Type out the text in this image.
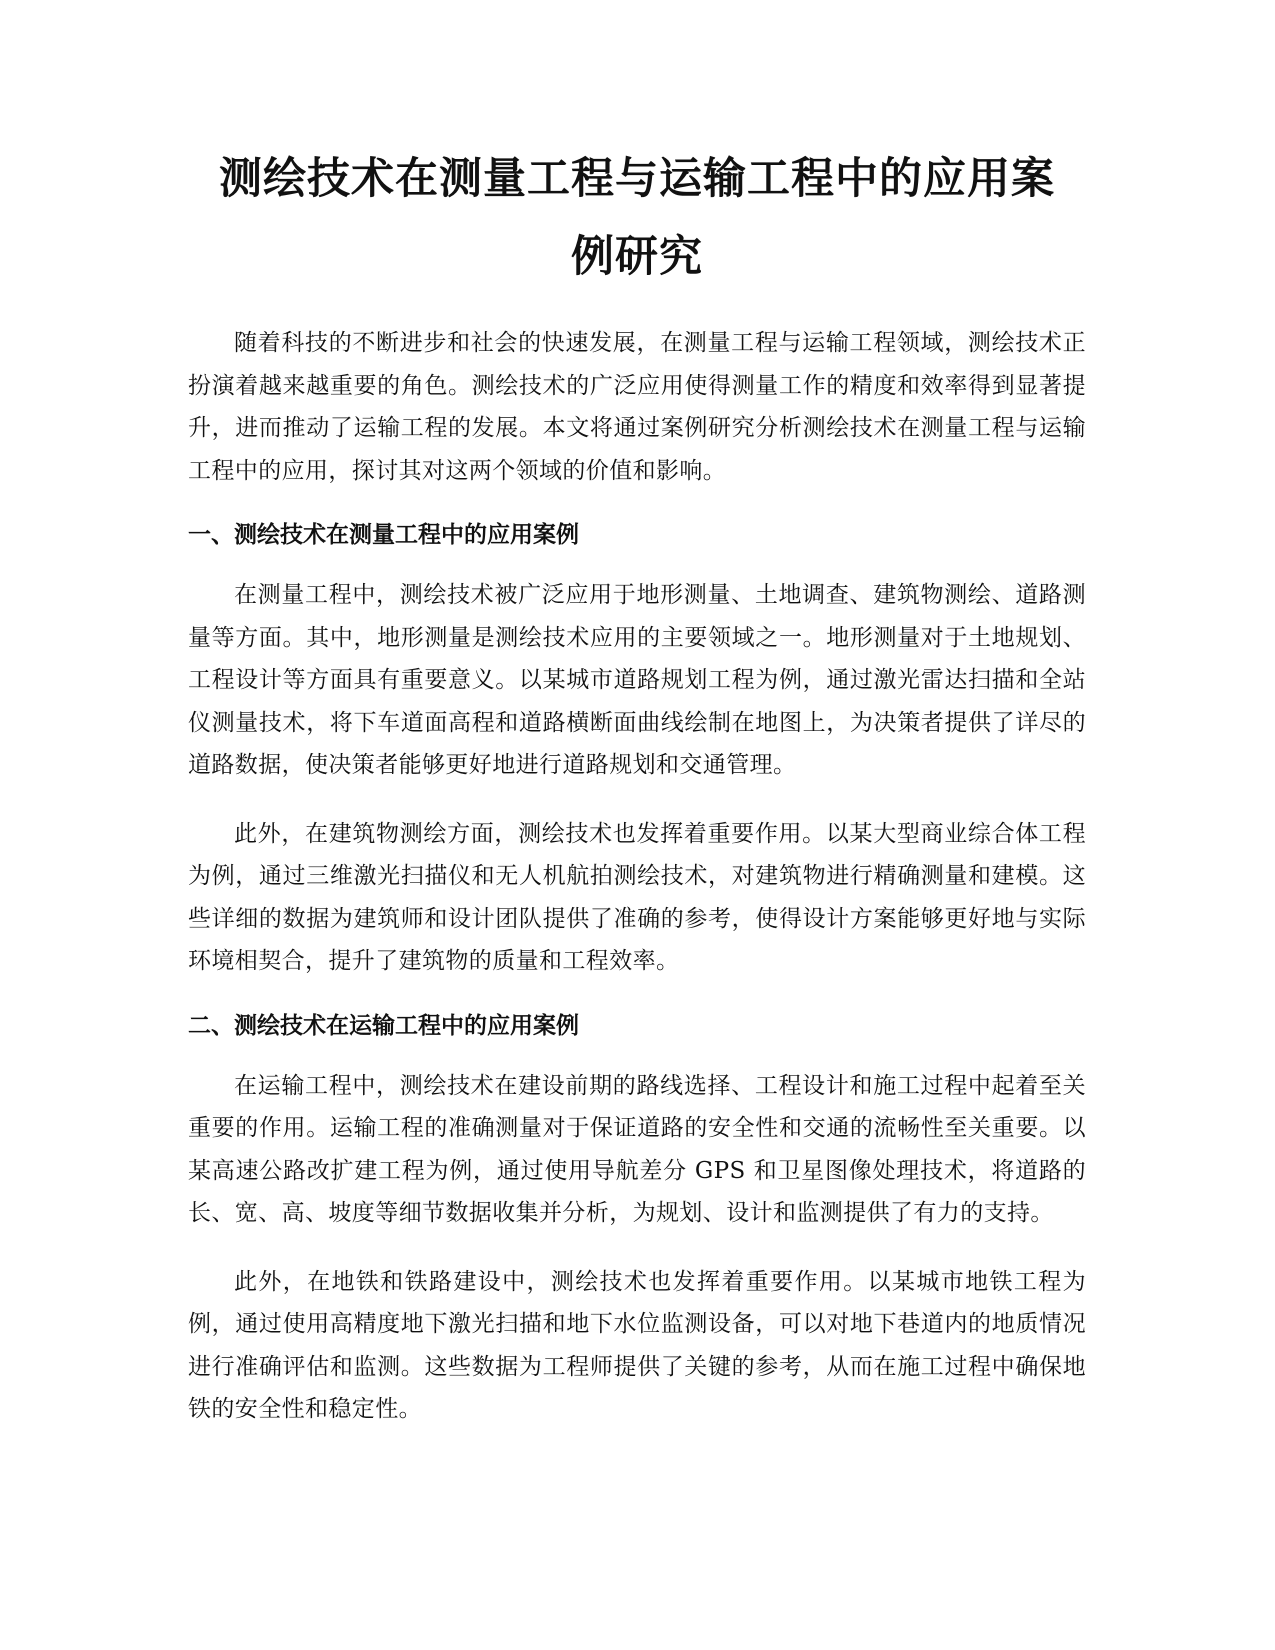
测绘技术在测量工程与运输工程中的应用案
例研究

随着科技的不断进步和社会的快速发展，在测量工程与运输工程领域，测绘技术正扮演着越来越重要的角色。测绘技术的广泛应用使得测量工作的精度和效率得到显著提升，进而推动了运输工程的发展。本文将通过案例研究分析测绘技术在测量工程与运输工程中的应用，探讨其对这两个领域的价值和影响。

一、测绘技术在测量工程中的应用案例

在测量工程中，测绘技术被广泛应用于地形测量、土地调查、建筑物测绘、道路测量等方面。其中，地形测量是测绘技术应用的主要领域之一。地形测量对于土地规划、工程设计等方面具有重要意义。以某城市道路规划工程为例，通过激光雷达扫描和全站仪测量技术，将下车道面高程和道路横断面曲线绘制在地图上，为决策者提供了详尽的道路数据，使决策者能够更好地进行道路规划和交通管理。

此外，在建筑物测绘方面，测绘技术也发挥着重要作用。以某大型商业综合体工程为例，通过三维激光扫描仪和无人机航拍测绘技术，对建筑物进行精确测量和建模。这些详细的数据为建筑师和设计团队提供了准确的参考，使得设计方案能够更好地与实际环境相契合，提升了建筑物的质量和工程效率。

二、测绘技术在运输工程中的应用案例

在运输工程中，测绘技术在建设前期的路线选择、工程设计和施工过程中起着至关重要的作用。运输工程的准确测量对于保证道路的安全性和交通的流畅性至关重要。以某高速公路改扩建工程为例，通过使用导航差分 GPS 和卫星图像处理技术，将道路的长、宽、高、坡度等细节数据收集并分析，为规划、设计和监测提供了有力的支持。

此外，在地铁和铁路建设中，测绘技术也发挥着重要作用。以某城市地铁工程为例，通过使用高精度地下激光扫描和地下水位监测设备，可以对地下巷道内的地质情况进行准确评估和监测。这些数据为工程师提供了关键的参考，从而在施工过程中确保地铁的安全性和稳定性。
